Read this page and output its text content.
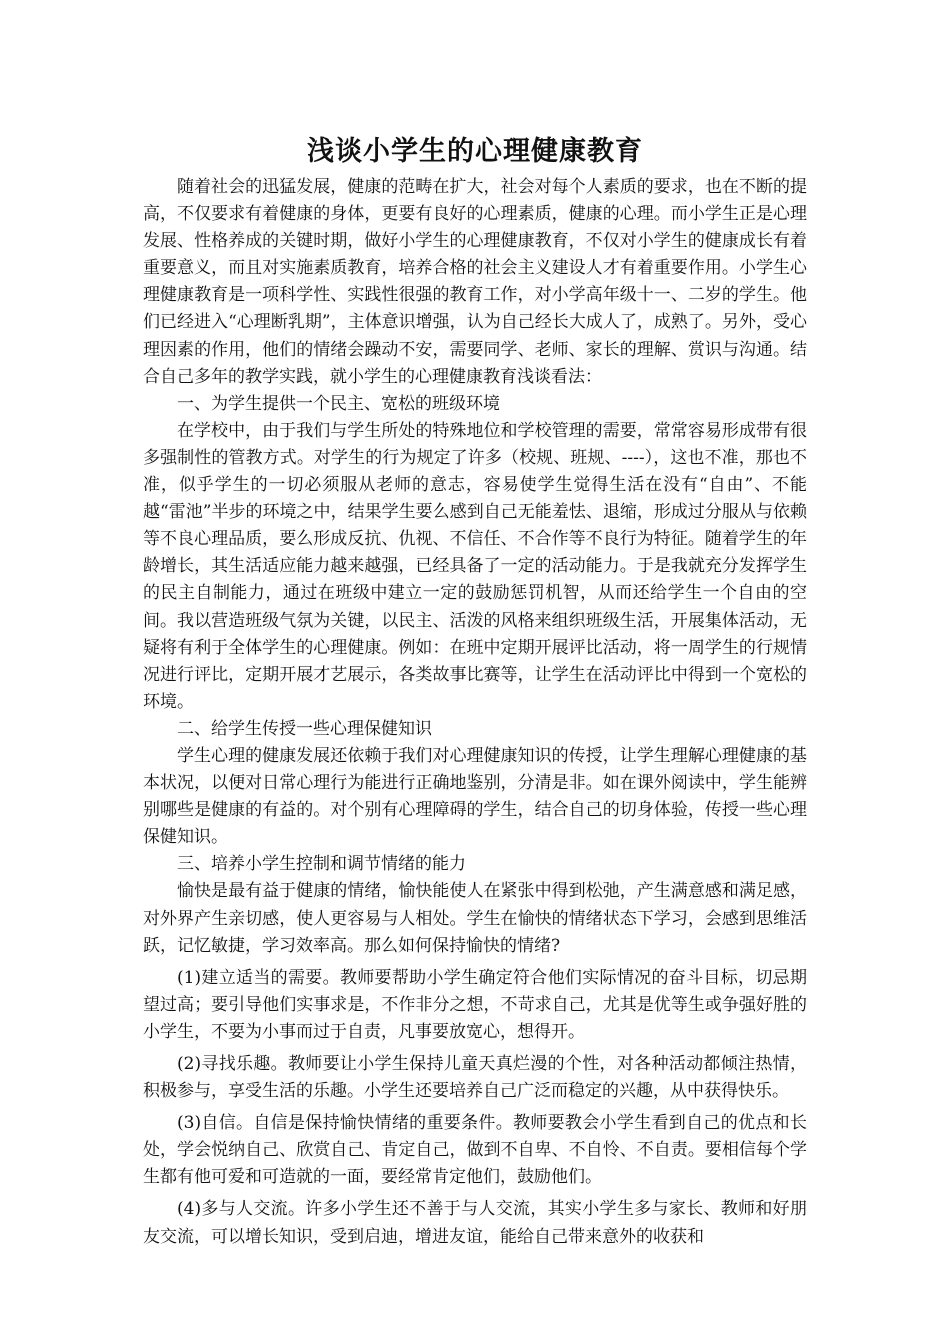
浅谈小学生的心理健康教育

随着社会的迅猛发展，健康的范畴在扩大，社会对每个人素质的要求，也在不断的提高，不仅要求有着健康的身体，更要有良好的心理素质，健康的心理。而小学生正是心理发展、性格养成的关键时期，做好小学生的心理健康教育，不仅对小学生的健康成长有着重要意义，而且对实施素质教育，培养合格的社会主义建设人才有着重要作用。小学生心理健康教育是一项科学性、实践性很强的教育工作，对小学高年级十一、二岁的学生。他们已经进入“心理断乳期”，主体意识增强，认为自己经长大成人了，成熟了。另外，受心理因素的作用，他们的情绪会躁动不安，需要同学、老师、家长的理解、赏识与沟通。结合自己多年的教学实践，就小学生的心理健康教育浅谈看法：

一、为学生提供一个民主、宽松的班级环境

在学校中，由于我们与学生所处的特殊地位和学校管理的需要，常常容易形成带有很多强制性的管教方式。对学生的行为规定了许多（校规、班规、----），这也不准，那也不准，似乎学生的一切必须服从老师的意志，容易使学生觉得生活在没有“自由”、不能越“雷池”半步的环境之中，结果学生要么感到自己无能羞怯、退缩，形成过分服从与依赖等不良心理品质，要么形成反抗、仇视、不信任、不合作等不良行为特征。随着学生的年龄增长，其生活适应能力越来越强，已经具备了一定的活动能力。于是我就充分发挥学生的民主自制能力，通过在班级中建立一定的鼓励惩罚机智，从而还给学生一个自由的空间。我以营造班级气氛为关键，以民主、活泼的风格来组织班级生活，开展集体活动，无疑将有利于全体学生的心理健康。例如：在班中定期开展评比活动，将一周学生的行规情况进行评比，定期开展才艺展示，各类故事比赛等，让学生在活动评比中得到一个宽松的环境。

二、给学生传授一些心理保健知识

学生心理的健康发展还依赖于我们对心理健康知识的传授，让学生理解心理健康的基本状况，以便对日常心理行为能进行正确地鉴别，分清是非。如在课外阅读中，学生能辨别哪些是健康的有益的。对个别有心理障碍的学生，结合自己的切身体验，传授一些心理保健知识。

三、培养小学生控制和调节情绪的能力

愉快是最有益于健康的情绪，愉快能使人在紧张中得到松弛，产生满意感和满足感，对外界产生亲切感，使人更容易与人相处。学生在愉快的情绪状态下学习，会感到思维活跃，记忆敏捷，学习效率高。那么如何保持愉快的情绪?

(1)建立适当的需要。教师要帮助小学生确定符合他们实际情况的奋斗目标，切忌期望过高；要引导他们实事求是，不作非分之想，不苛求自己，尤其是优等生或争强好胜的小学生，不要为小事而过于自责，凡事要放宽心，想得开。

(2)寻找乐趣。教师要让小学生保持儿童天真烂漫的个性，对各种活动都倾注热情，积极参与，享受生活的乐趣。小学生还要培养自己广泛而稳定的兴趣，从中获得快乐。

(3)自信。自信是保持愉快情绪的重要条件。教师要教会小学生看到自己的优点和长处，学会悦纳自己、欣赏自己、肯定自己，做到不自卑、不自怜、不自责。要相信每个学生都有他可爱和可造就的一面，要经常肯定他们，鼓励他们。

(4)多与人交流。许多小学生还不善于与人交流，其实小学生多与家长、教师和好朋友交流，可以增长知识，受到启迪，增进友谊，能给自己带来意外的收获和
